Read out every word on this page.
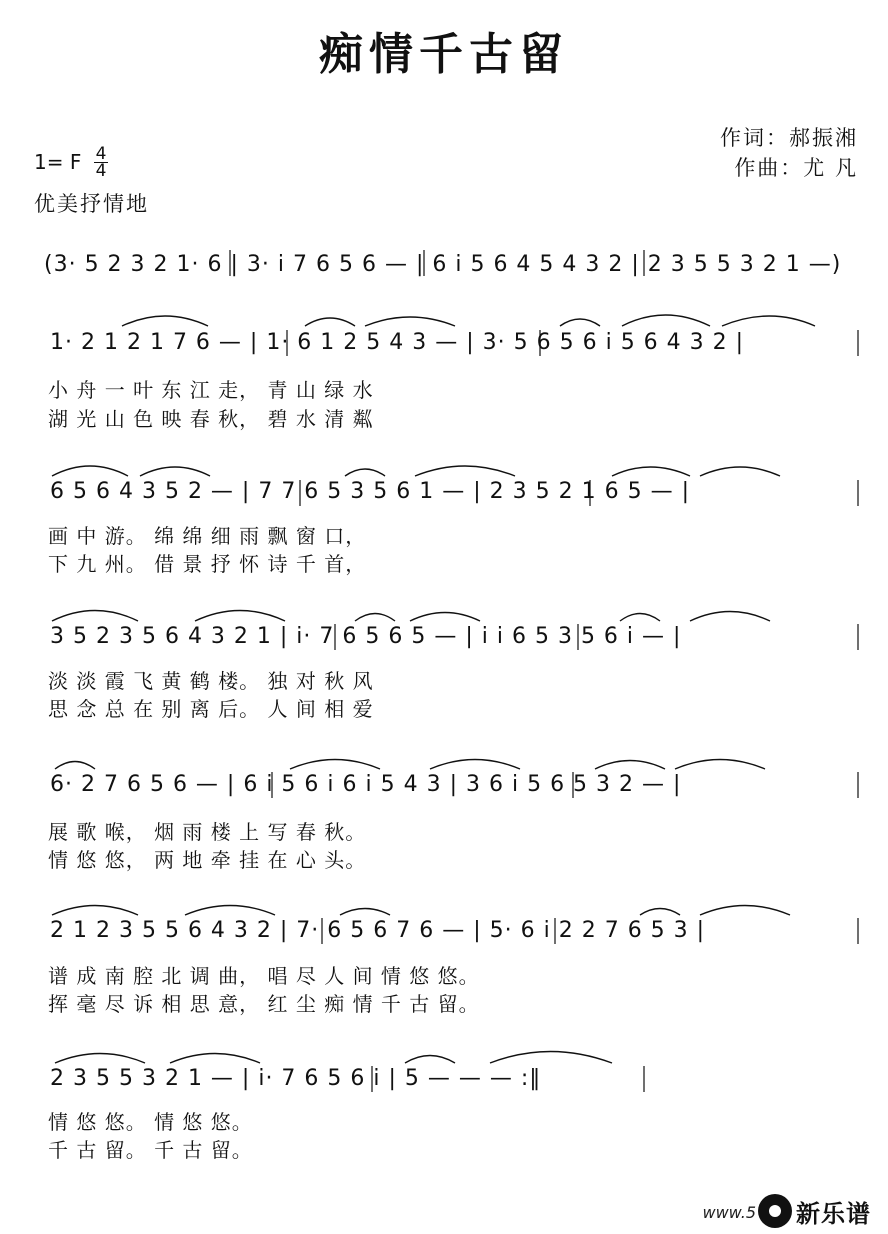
痴情千古留
作词：郝振湘
作曲：尤 凡
1= F $\frac{4}{4}$
优美抒情地
(3· 5 2 3 2 1· 6 | 3· i 7 6 5 6 — | 6 i 5 6 4 5 4 3 2 | 2 3 5 5 3 2 1 —)
1· 2 1 2 1 7 6 — | 1· 6 1 2 5 4 3 — | 3· 5 6 5 6 i 5 6 4 3 2 |
小 舟 一 叶 东 江 走， 青 山 绿 水
湖 光 山 色 映 春 秋， 碧 水 清 粼
6 5 6 4 3 5 2 — | 7 7 6 5 3 5 6 1 — | 2 3 5 2 1 6 5 — |
画 中 游。 绵 绵 细 雨 飘 窗 口，
下 九 州。 借 景 抒 怀 诗 千 首，
3 5 2 3 5 6 4 3 2 1 | i· 7 6 5 6 5 — | i i 6 5 3 5 6 i — |
淡 淡 霞 飞 黄 鹤 楼。 独 对 秋 风
思 念 总 在 别 离 后。 人 间 相 爱
6· 2 7 6 5 6 — | 6 i 5 6 i 6 i 5 4 3 | 3 6 i 5 6 5 3 2 — |
展 歌 喉， 烟 雨 楼 上 写 春 秋。
情 悠 悠， 两 地 牵 挂 在 心 头。
2 1 2 3 5 5 6 4 3 2 | 7· 6 5 6 7 6 — | 5· 6 i 2 2 7 6 5 3 |
谱 成 南 腔 北 调 曲， 唱 尽 人 间 情 悠 悠。
挥 毫 尽 诉 相 思 意， 红 尘 痴 情 千 古 留。
2 3 5 5 3 2 1 — | i· 7 6 5 6 i | 5 — — — :‖
情 悠 悠。 情 悠 悠。
千 古 留。 千 古 留。
www.5 新乐谱
